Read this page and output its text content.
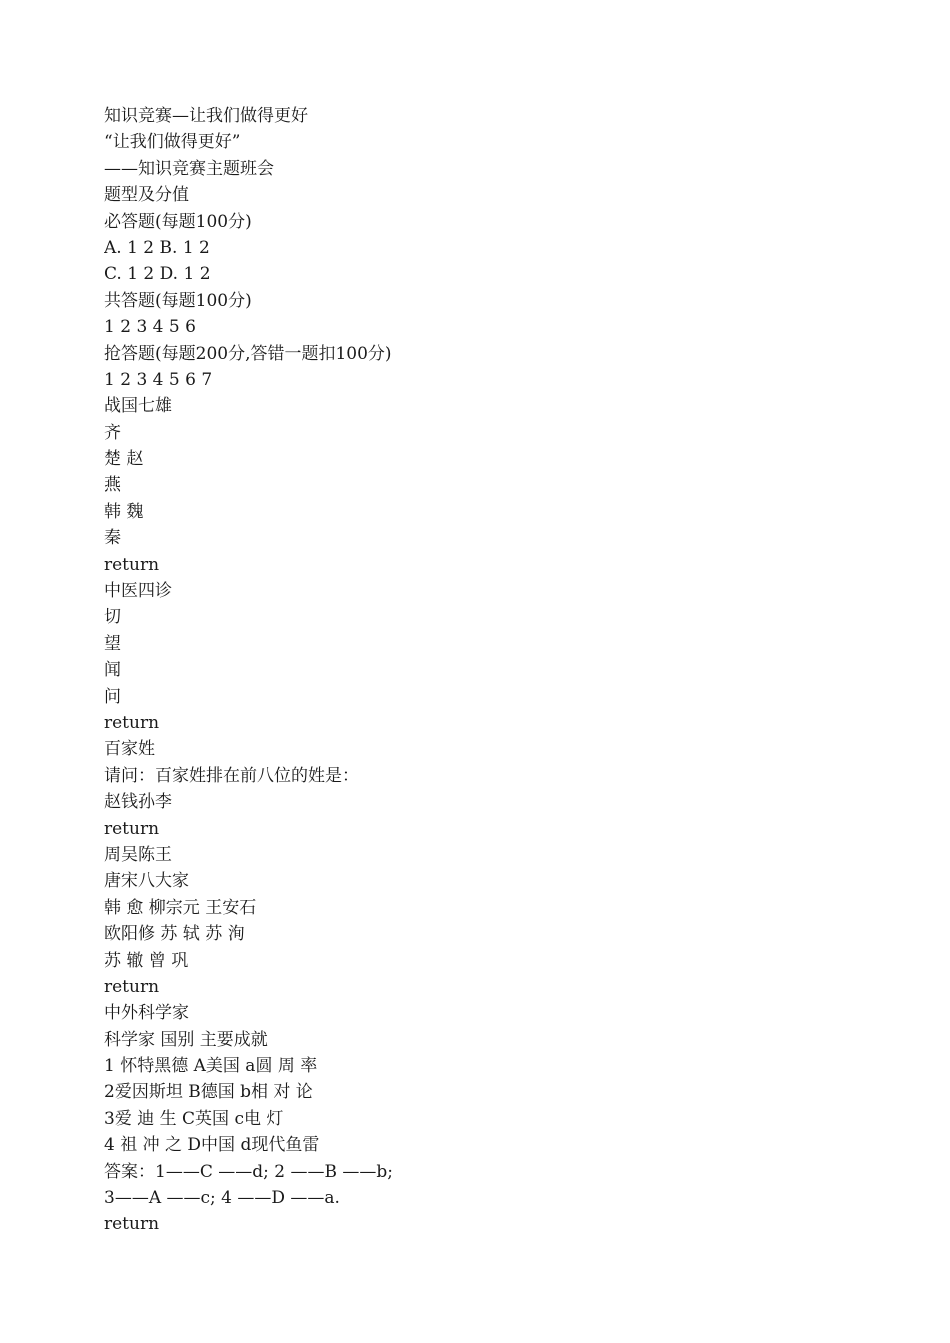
知识竞赛—让我们做得更好
“让我们做得更好”
——知识竞赛主题班会
题型及分值
必答题(每题100分)
A. 1 2 B. 1 2
C. 1 2 D. 1 2
共答题(每题100分)
1 2 3 4 5 6
抢答题(每题200分,答错一题扣100分)
1 2 3 4 5 6 7
战国七雄
齐
楚 赵
燕
韩 魏
秦
return
中医四诊
切
望
闻
问
return
百家姓
请问：百家姓排在前八位的姓是：
赵钱孙李
return
周吴陈王
唐宋八大家
韩 愈 柳宗元 王安石
欧阳修 苏 轼 苏 洵
苏 辙 曾 巩
return
中外科学家
科学家 国别 主要成就
1 怀特黑德 A美国 a圆 周 率
2爱因斯坦 B德国 b相 对 论
3爱 迪 生 C英国 c电 灯
4 祖 冲 之 D中国 d现代鱼雷
答案：1——C ——d; 2 ——B ——b;
3——A ——c; 4 ——D ——a.
return
